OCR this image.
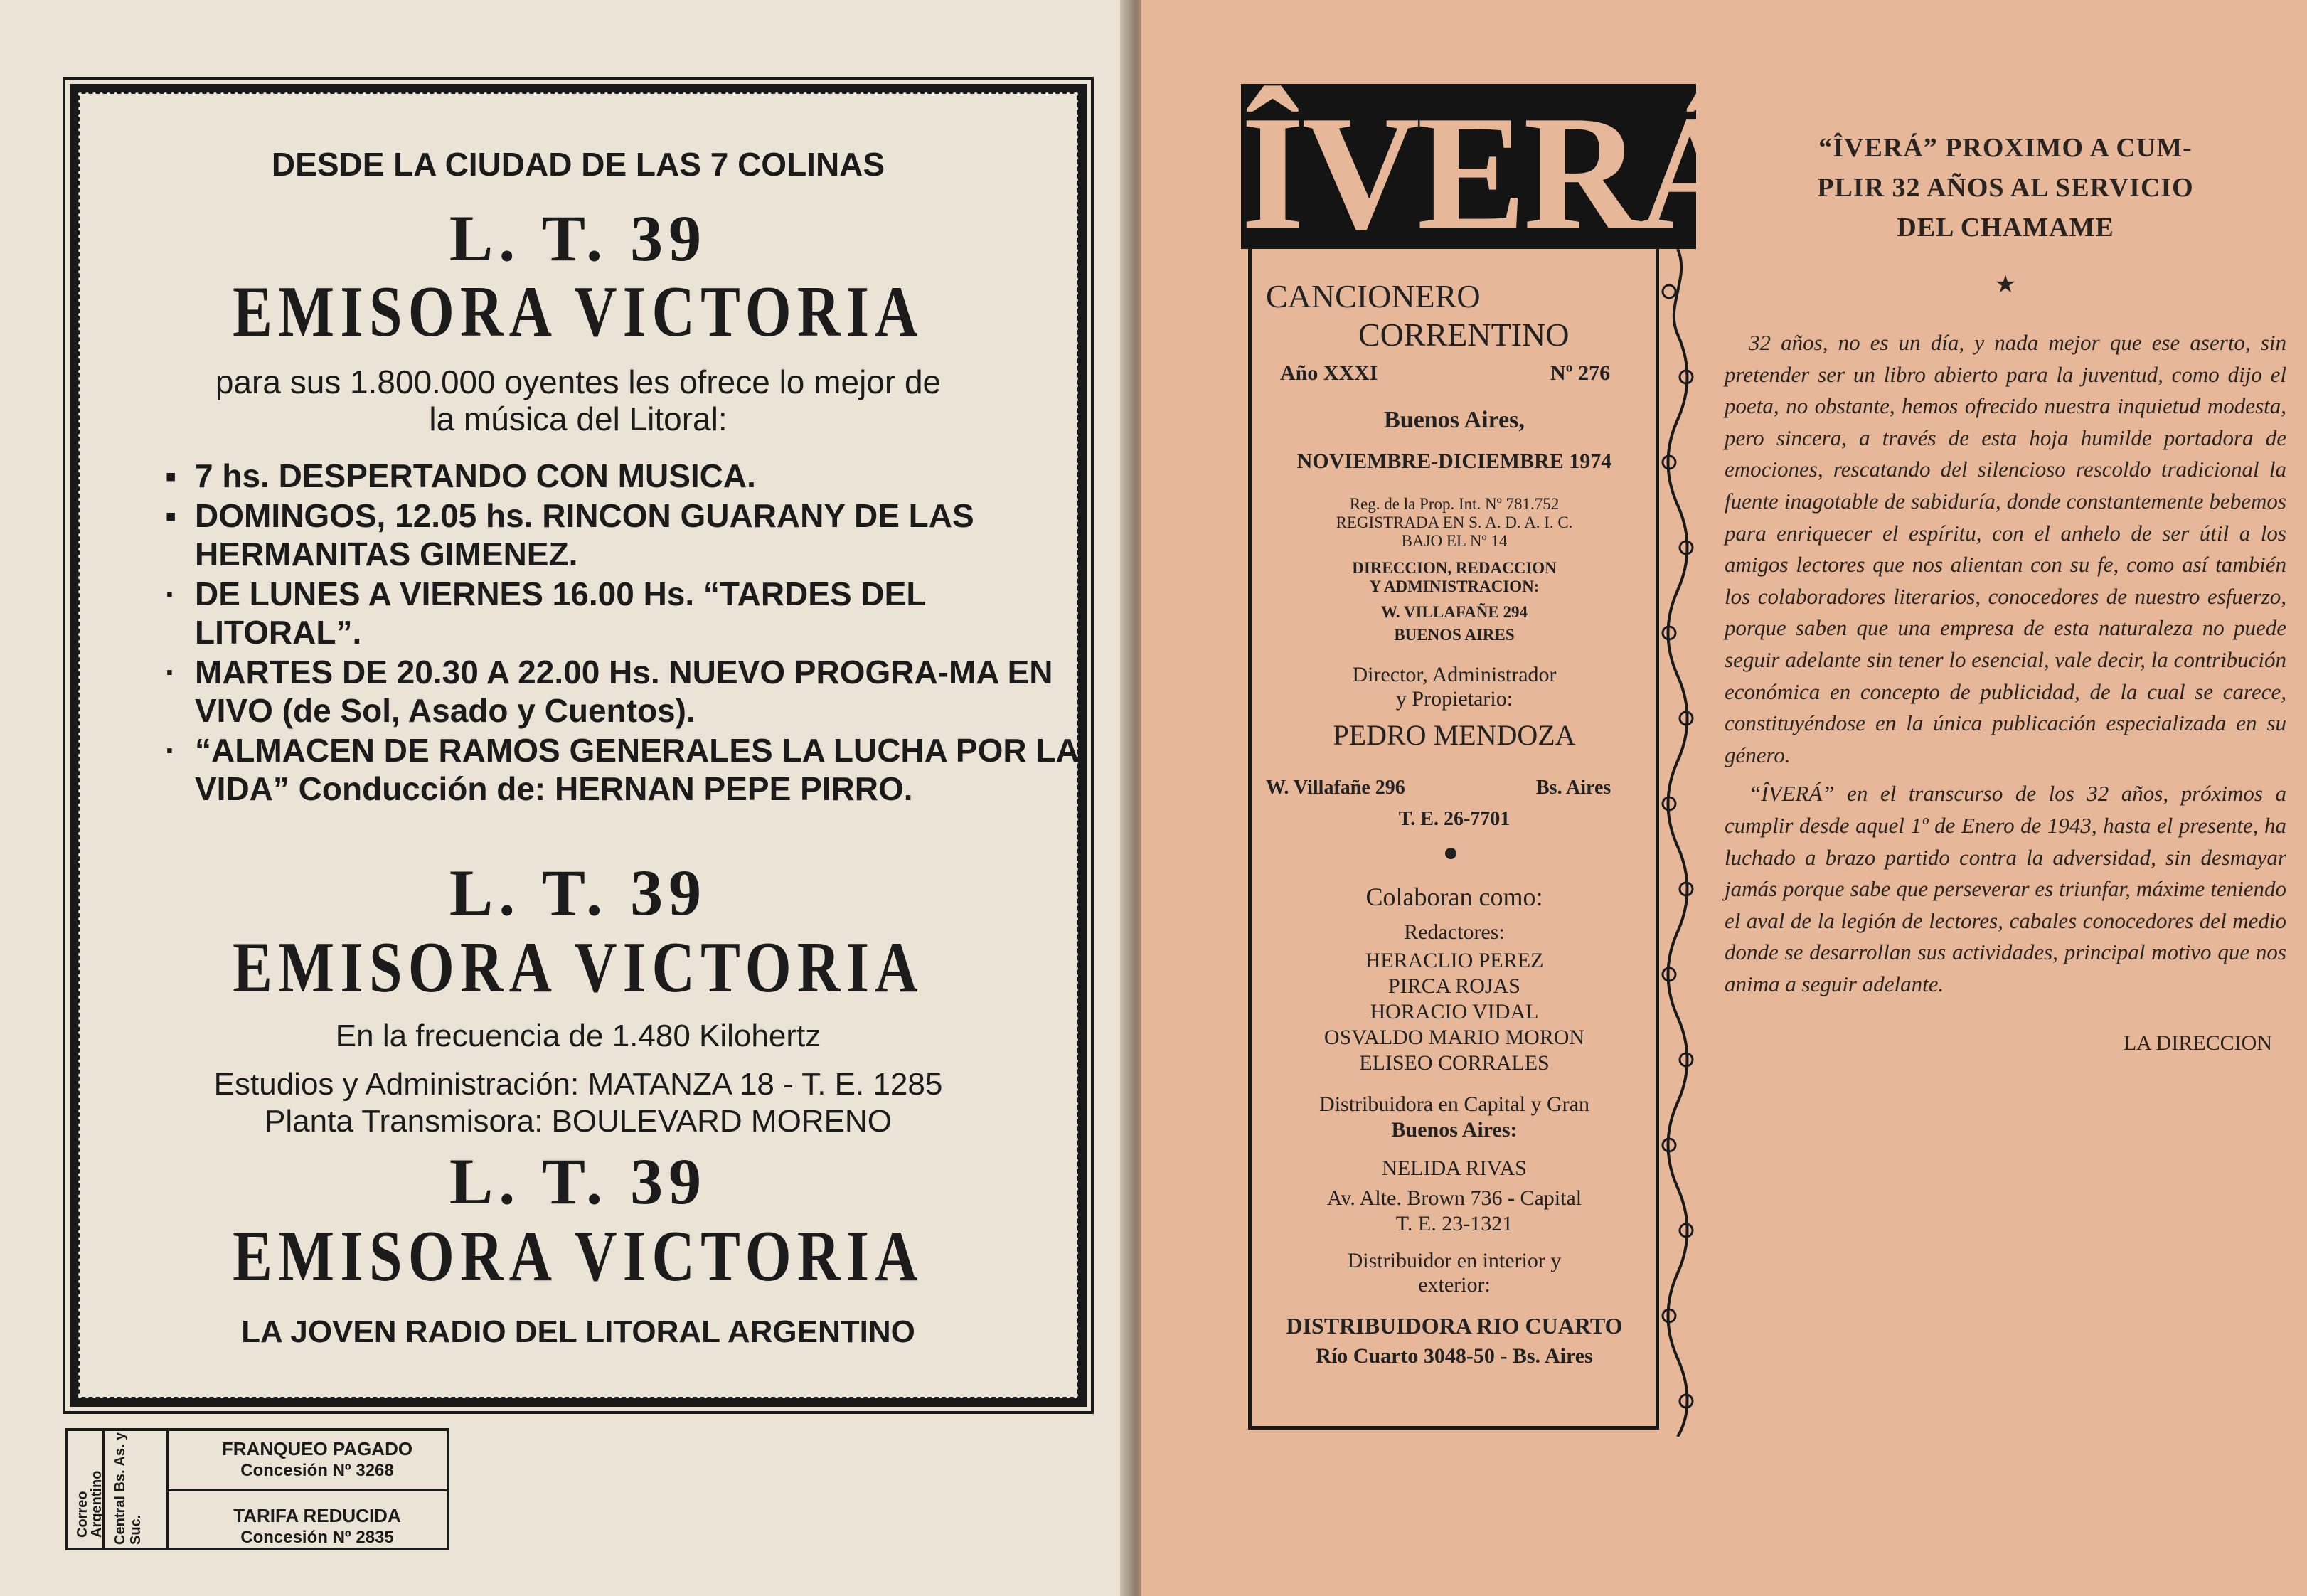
DESDE LA CIUDAD DE LAS 7 COLINAS
L. T. 39
EMISORA VICTORIA
para sus 1.800.000 oyentes les ofrece lo mejor de
la música del Litoral:
▪ 7 hs. DESPERTANDO CON MUSICA.
▪ DOMINGOS, 12.05 hs. RINCON GUARANY DE LAS HERMANITAS GIMENEZ.
· DE LUNES A VIERNES 16.00 Hs. “TARDES DEL LITORAL”.
· MARTES DE 20.30 A 22.00 Hs. NUEVO PROGRA-MA EN VIVO (de Sol, Asado y Cuentos).
· “ALMACEN DE RAMOS GENERALES LA LUCHA POR LA VIDA” Conducción de: HERNAN PEPE PIRRO.
L. T. 39
EMISORA VICTORIA
En la frecuencia de 1.480 Kilohertz
Estudios y Administración: MATANZA 18 - T. E. 1285
Planta Transmisora: BOULEVARD MORENO
L. T. 39
EMISORA VICTORIA
LA JOVEN RADIO DEL LITORAL ARGENTINO
Correo Argentino Central Bs. As. y Suc.
FRANQUEO PAGADO
Concesión Nº 3268
TARIFA REDUCIDA
Concesión Nº 2835
ÎVERÁ
CANCIONERO
CORRENTINO
Año XXXI	Nº 276
Buenos Aires,
NOVIEMBRE-DICIEMBRE 1974
Reg. de la Prop. Int. Nº 781.752
REGISTRADA EN S. A. D. A. I. C.
BAJO EL Nº 14
DIRECCION, REDACCION
Y ADMINISTRACION:
W. VILLAFAÑE 294
BUENOS AIRES
Director, Administrador
y Propietario:
PEDRO MENDOZA
W. Villafañe 296	Bs. Aires
T. E. 26-7701
Colaboran como:
Redactores:
HERACLIO PEREZ
PIRCA ROJAS
HORACIO VIDAL
OSVALDO MARIO MORON
ELISEO CORRALES
Distribuidora en Capital y Gran
Buenos Aires:
NELIDA RIVAS
Av. Alte. Brown 736 - Capital
T. E. 23-1321
Distribuidor en interior y
exterior:
DISTRIBUIDORA RIO CUARTO
Río Cuarto 3048-50 - Bs. Aires
“ÎVERÁ” PROXIMO A CUM-
PLIR 32 AÑOS AL SERVICIO
DEL CHAMAME
★
32 años, no es un día, y nada mejor que ese aserto, sin pretender ser un libro abierto para la juventud, como dijo el poeta, no obstante, hemos ofrecido nuestra inquietud modesta, pero sincera, a través de esta hoja humilde portadora de emociones, rescatando del silencioso rescoldo tradicional la fuente inagotable de sabiduría, donde constantemente bebemos para enriquecer el espíritu, con el anhelo de ser útil a los amigos lectores que nos alientan con su fe, como así también los colaboradores literarios, conocedores de nuestro esfuerzo, porque saben que una empresa de esta naturaleza no puede seguir adelante sin tener lo esencial, vale decir, la contribución económica en concepto de publicidad, de la cual se carece, constituyéndose en la única publicación especializada en su género.
“ÎVERÁ” en el transcurso de los 32 años, próximos a cumplir desde aquel 1º de Enero de 1943, hasta el presente, ha luchado a brazo partido contra la adversidad, sin desmayar jamás porque sabe que perseverar es triunfar, máxime teniendo el aval de la legión de lectores, cabales conocedores del medio donde se desarrollan sus actividades, principal motivo que nos anima a seguir adelante.
LA DIRECCION
